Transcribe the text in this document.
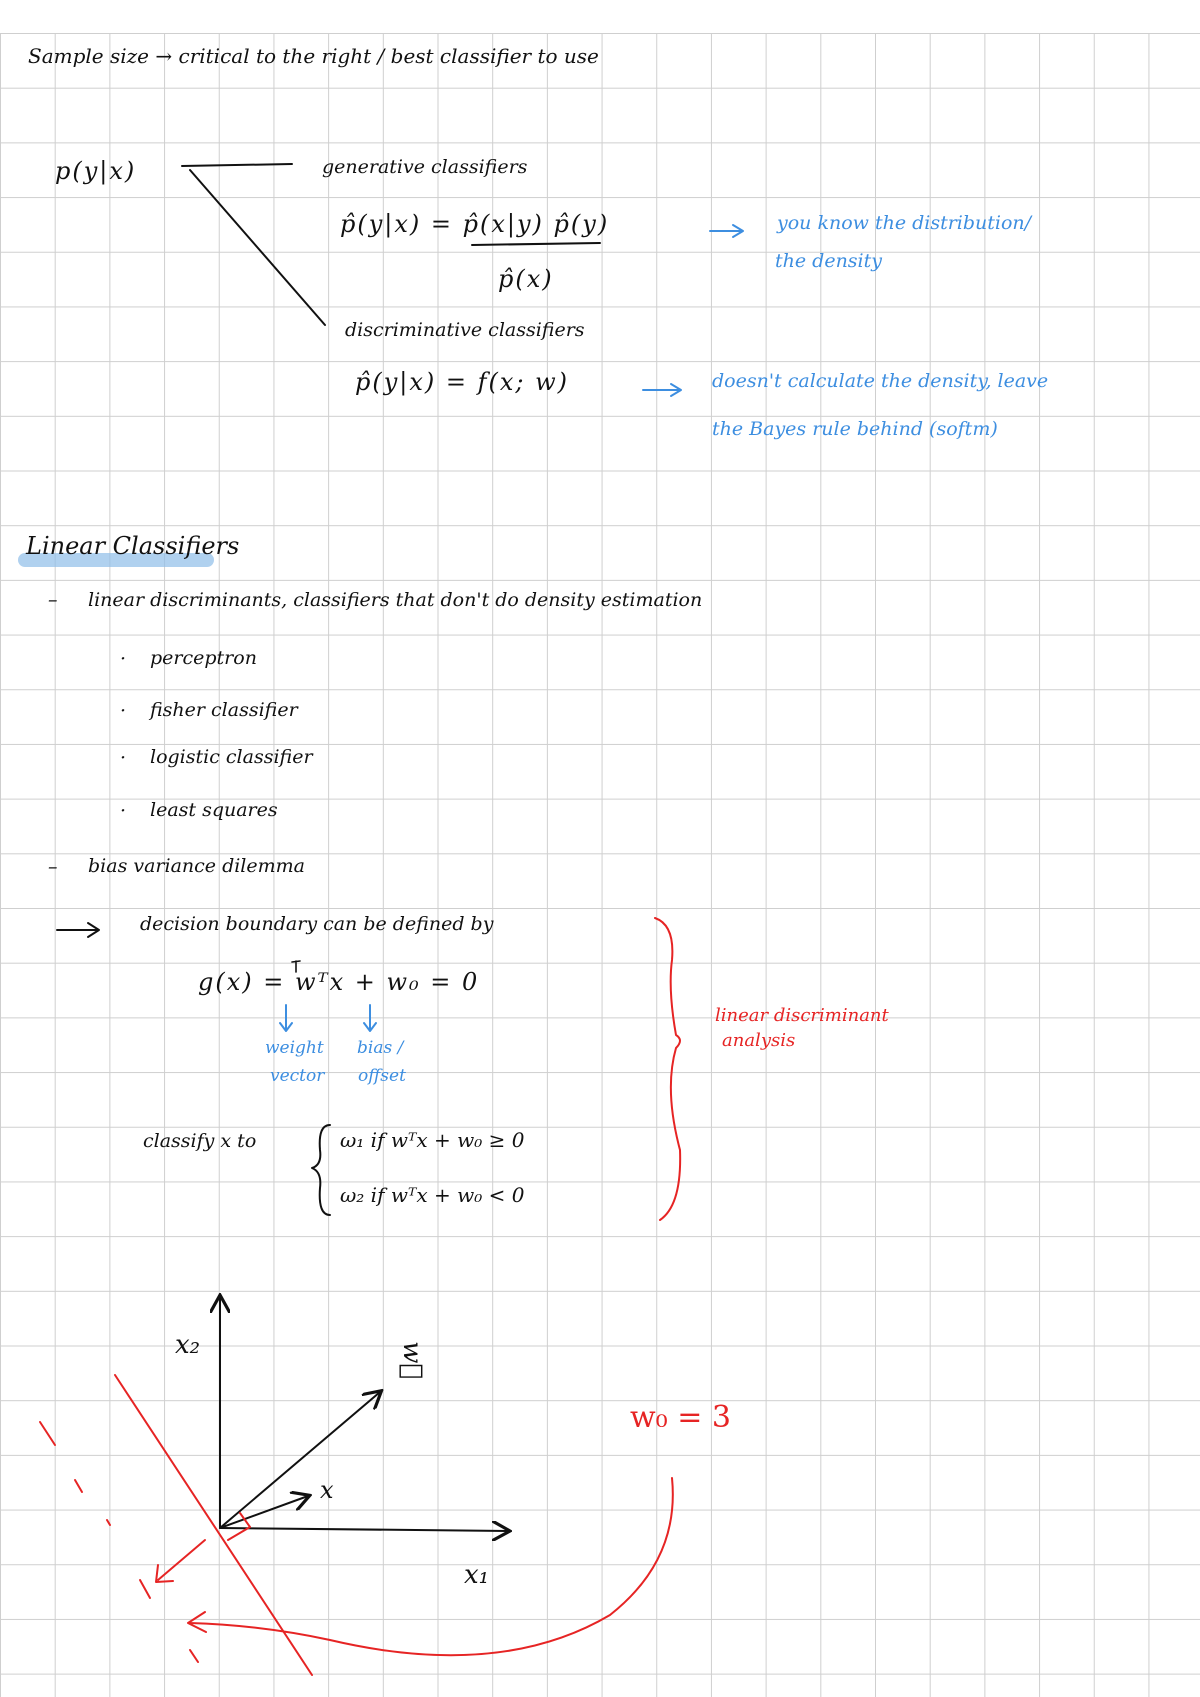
Sample size → critical to the right / best classifier to use
p(y|x)	generative classifiers
p̂(y|x) = p̂(x|y) p̂(y)
p̂(x)
you know the distribution/
the density
discriminative classifiers
p̂(y|x) = f(x; w)	doesn't calculate the density, leave
the Bayes rule behind (softm)
Linear Classifiers
– linear discriminants, classifiers that don't do density estimation
· perceptron
· fisher classifier
· logistic classifier
· least squares
– bias variance dilemma
decision boundary can be defined by
g(x) = wᵀx + w₀ = 0
weight
vector
bias /
offset
classify x to	ω₁ if wᵀx + w₀ ≥ 0
ω₂ if wᵀx + w₀ < 0
linear discriminant
analysis
x₂
x₁
w⃗
x
w₀ = 3
